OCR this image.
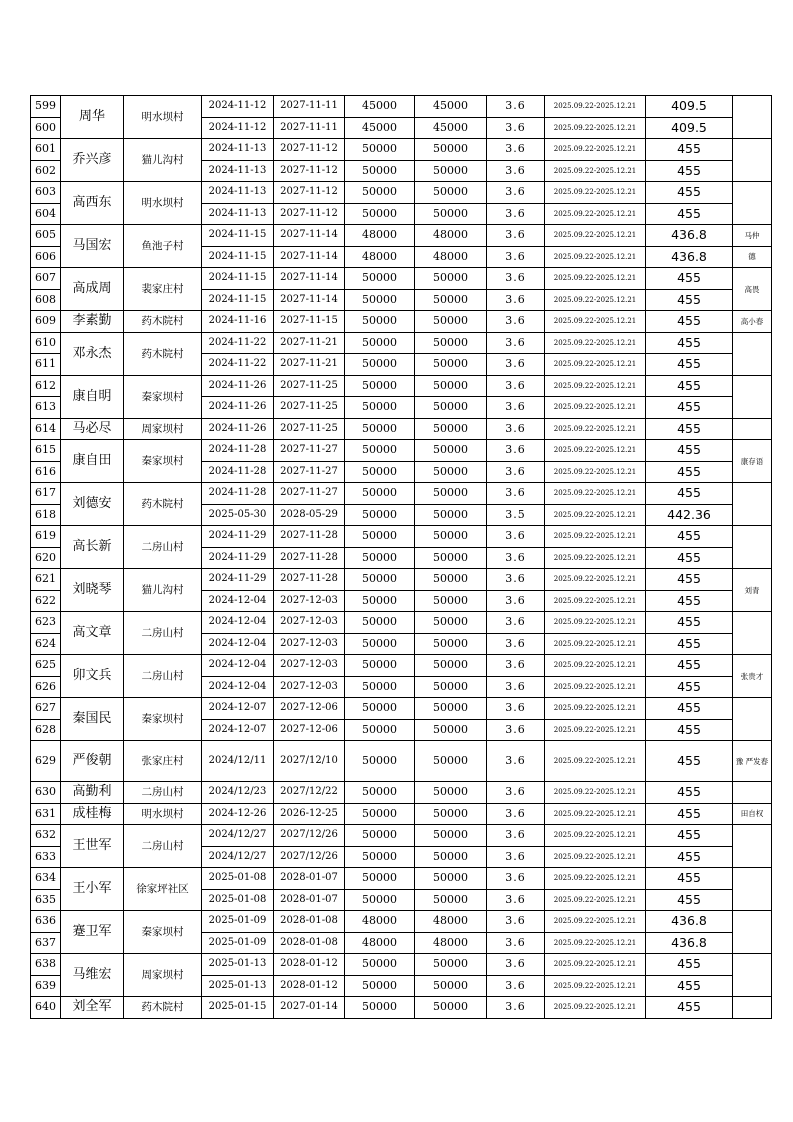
599	周华	明水坝村	2024-11-12	2027-11-11	45000	45000	3.6	2025.09.22-2025.12.21	409.5	
600			2024-11-12	2027-11-11	45000	45000	3.6	2025.09.22-2025.12.21	409.5	
601	乔兴彦	猫儿沟村	2024-11-13	2027-11-12	50000	50000	3.6	2025.09.22-2025.12.21	455	
602			2024-11-13	2027-11-12	50000	50000	3.6	2025.09.22-2025.12.21	455	
603	高西东	明水坝村	2024-11-13	2027-11-12	50000	50000	3.6	2025.09.22-2025.12.21	455	
604			2024-11-13	2027-11-12	50000	50000	3.6	2025.09.22-2025.12.21	455	
605	马国宏	鱼池子村	2024-11-15	2027-11-14	48000	48000	3.6	2025.09.22-2025.12.21	436.8	马仲

606			2024-11-15	2027-11-14	48000	48000	3.6	2025.09.22-2025.12.21	436.8	德

607	高成周	裴家庄村	2024-11-15	2027-11-14	50000	50000	3.6	2025.09.22-2025.12.21	455	高畏

608			2024-11-15	2027-11-14	50000	50000	3.6	2025.09.22-2025.12.21	455	
609	李素勤	药木院村	2024-11-16	2027-11-15	50000	50000	3.6	2025.09.22-2025.12.21	455	高小春

610	邓永杰	药木院村	2024-11-22	2027-11-21	50000	50000	3.6	2025.09.22-2025.12.21	455	
611			2024-11-22	2027-11-21	50000	50000	3.6	2025.09.22-2025.12.21	455	
612	康自明	秦家坝村	2024-11-26	2027-11-25	50000	50000	3.6	2025.09.22-2025.12.21	455	
613			2024-11-26	2027-11-25	50000	50000	3.6	2025.09.22-2025.12.21	455	
614	马必尽	周家坝村	2024-11-26	2027-11-25	50000	50000	3.6	2025.09.22-2025.12.21	455	
615	康自田	秦家坝村	2024-11-28	2027-11-27	50000	50000	3.6	2025.09.22-2025.12.21	455	康存语

616			2024-11-28	2027-11-27	50000	50000	3.6	2025.09.22-2025.12.21	455	
617	刘德安	药木院村	2024-11-28	2027-11-27	50000	50000	3.6	2025.09.22-2025.12.21	455	
618			2025-05-30	2028-05-29	50000	50000	3.5	2025.09.22-2025.12.21	442.36	
619	高长新	二房山村	2024-11-29	2027-11-28	50000	50000	3.6	2025.09.22-2025.12.21	455	
620			2024-11-29	2027-11-28	50000	50000	3.6	2025.09.22-2025.12.21	455	
621	刘晓琴	猫儿沟村	2024-11-29	2027-11-28	50000	50000	3.6	2025.09.22-2025.12.21	455	刘青

622			2024-12-04	2027-12-03	50000	50000	3.6	2025.09.22-2025.12.21	455	
623	高文章	二房山村	2024-12-04	2027-12-03	50000	50000	3.6	2025.09.22-2025.12.21	455	
624			2024-12-04	2027-12-03	50000	50000	3.6	2025.09.22-2025.12.21	455	
625	卯文兵	二房山村	2024-12-04	2027-12-03	50000	50000	3.6	2025.09.22-2025.12.21	455	张贵才

626			2024-12-04	2027-12-03	50000	50000	3.6	2025.09.22-2025.12.21	455	
627	秦国民	秦家坝村	2024-12-07	2027-12-06	50000	50000	3.6	2025.09.22-2025.12.21	455	
628			2024-12-07	2027-12-06	50000	50000	3.6	2025.09.22-2025.12.21	455	
629	严俊朝	张家庄村	2024/12/11	2027/12/10	50000	50000	3.6	2025.09.22-2025.12.21	455	豫 严发春

630	高勤利	二房山村	2024/12/23	2027/12/22	50000	50000	3.6	2025.09.22-2025.12.21	455	
631	成桂梅	明水坝村	2024-12-26	2026-12-25	50000	50000	3.6	2025.09.22-2025.12.21	455	田自权

632	王世军	二房山村	2024/12/27	2027/12/26	50000	50000	3.6	2025.09.22-2025.12.21	455	
633			2024/12/27	2027/12/26	50000	50000	3.6	2025.09.22-2025.12.21	455	
634	王小军	徐家坪社区	2025-01-08	2028-01-07	50000	50000	3.6	2025.09.22-2025.12.21	455	
635			2025-01-08	2028-01-07	50000	50000	3.6	2025.09.22-2025.12.21	455	
636	蹇卫军	秦家坝村	2025-01-09	2028-01-08	48000	48000	3.6	2025.09.22-2025.12.21	436.8	
637			2025-01-09	2028-01-08	48000	48000	3.6	2025.09.22-2025.12.21	436.8	
638	马维宏	周家坝村	2025-01-13	2028-01-12	50000	50000	3.6	2025.09.22-2025.12.21	455	
639			2025-01-13	2028-01-12	50000	50000	3.6	2025.09.22-2025.12.21	455	
640	刘全军	药木院村	2025-01-15	2027-01-14	50000	50000	3.6	2025.09.22-2025.12.21	455	
